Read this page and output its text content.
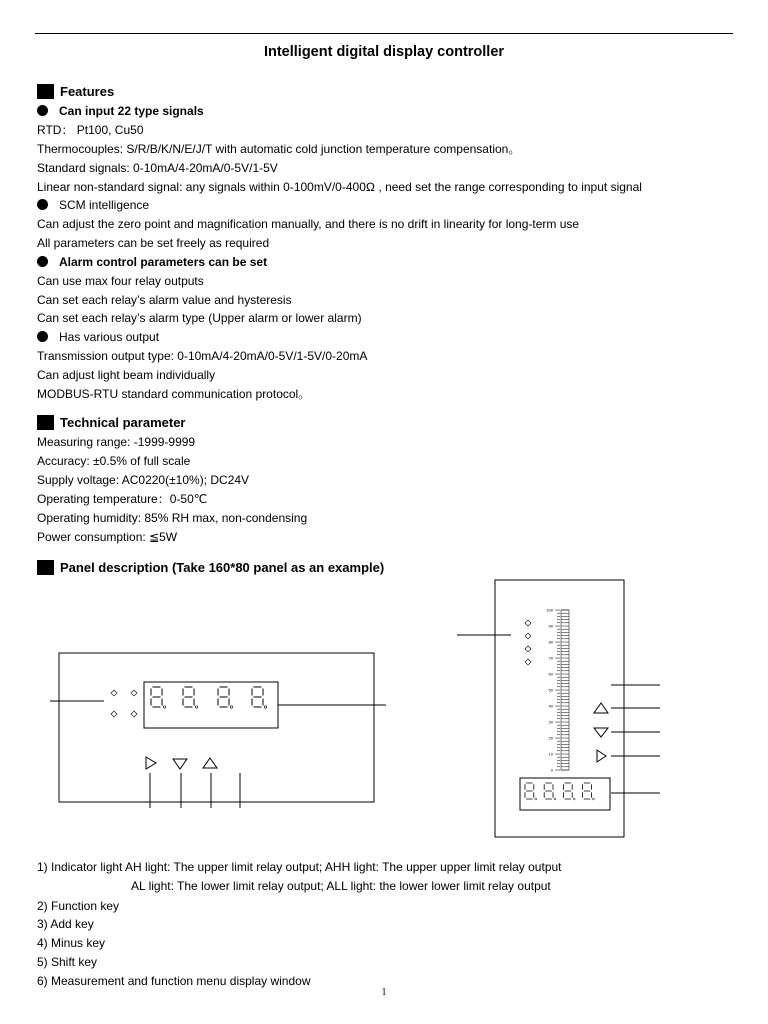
Intelligent digital display controller
Features
Can input 22 type signals
RTD： Pt100, Cu50
Thermocouples: S/R/B/K/N/E/J/T with automatic cold junction temperature compensation。
Standard signals: 0-10mA/4-20mA/0-5V/1-5V
Linear non-standard signal: any signals within 0-100mV/0-400Ω , need set the range corresponding to input signal
SCM intelligence
Can adjust the zero point and magnification manually, and there is no drift in linearity for long-term use
All parameters can be set freely as required
Alarm control parameters can be set
Can use max four relay outputs
Can set each relay’s alarm value and hysteresis
Can set each relay’s alarm type (Upper alarm or lower alarm)
Has various output
Transmission output type: 0-10mA/4-20mA/0-5V/1-5V/0-20mA
Can adjust light beam individually
MODBUS-RTU standard communication protocol。
Technical parameter
Measuring range: -1999-9999
Accuracy: ±0.5% of full scale
Supply voltage: AC0220(±10%); DC24V
Operating temperature：0-50℃
Operating humidity: 85% RH max, non-condensing
Power consumption: ≦5W
Panel description (Take 160*80 panel as an example)
100
90
80
70
60
50
40
30
20
10
0
1) Indicator light AH light: The upper limit relay output; AHH light: The upper upper limit relay output
AL light: The lower limit relay output; ALL light: the lower lower limit relay output
2) Function key
3) Add key
4) Minus key
5) Shift key
6) Measurement and function menu display window
1
